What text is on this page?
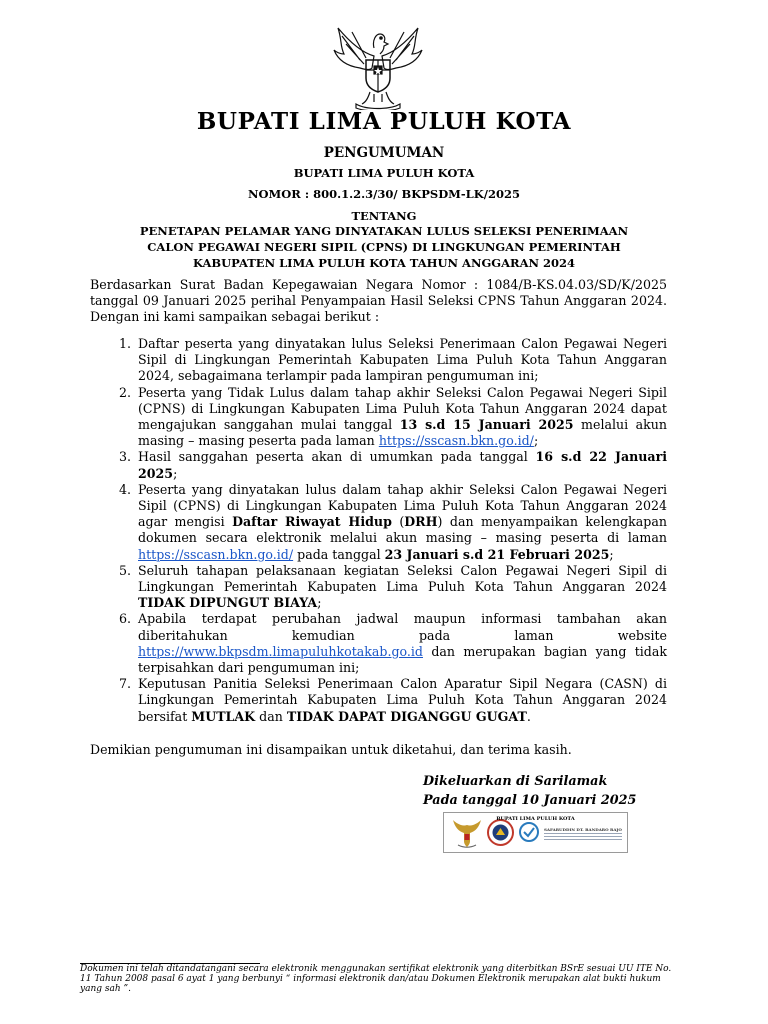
BUPATI LIMA PULUH KOTA
PENGUMUMAN
BUPATI LIMA PULUH KOTA
NOMOR : 800.1.2.3/30/ BKPSDM-LK/2025
TENTANG
PENETAPAN PELAMAR YANG DINYATAKAN LULUS SELEKSI PENERIMAAN
CALON PEGAWAI NEGERI SIPIL (CPNS) DI LINGKUNGAN PEMERINTAH
KABUPATEN LIMA PULUH KOTA TAHUN ANGGARAN 2024
Berdasarkan Surat Badan Kepegawaian Negara Nomor : 1084/B-KS.04.03/SD/K/2025 tanggal 09 Januari 2025 perihal Penyampaian Hasil Seleksi CPNS Tahun Anggaran 2024. Dengan ini kami sampaikan sebagai berikut :
1. Daftar peserta yang dinyatakan lulus Seleksi Penerimaan Calon Pegawai Negeri Sipil di Lingkungan Pemerintah Kabupaten Lima Puluh Kota Tahun Anggaran 2024, sebagaimana terlampir pada lampiran pengumuman ini;
2. Peserta yang Tidak Lulus dalam tahap akhir Seleksi Calon Pegawai Negeri Sipil (CPNS) di Lingkungan Kabupaten Lima Puluh Kota Tahun Anggaran 2024 dapat mengajukan sanggahan mulai tanggal 13 s.d 15 Januari 2025 melalui akun masing – masing peserta pada laman https://sscasn.bkn.go.id/;
3. Hasil sanggahan peserta akan di umumkan pada tanggal 16 s.d 22 Januari 2025;
4. Peserta yang dinyatakan lulus dalam tahap akhir Seleksi Calon Pegawai Negeri Sipil (CPNS) di Lingkungan Kabupaten Lima Puluh Kota Tahun Anggaran 2024 agar mengisi Daftar Riwayat Hidup (DRH) dan menyampaikan kelengkapan dokumen secara elektronik melalui akun masing – masing peserta di laman https://sscasn.bkn.go.id/ pada tanggal 23 Januari s.d 21 Februari 2025;
5. Seluruh tahapan pelaksanaan kegiatan Seleksi Calon Pegawai Negeri Sipil di Lingkungan Pemerintah Kabupaten Lima Puluh Kota Tahun Anggaran 2024 TIDAK DIPUNGUT BIAYA;
6. Apabila terdapat perubahan jadwal maupun informasi tambahan akan diberitahukan kemudian pada laman website https://www.bkpsdm.limapuluhkotakab.go.id dan merupakan bagian yang tidak terpisahkan dari pengumuman ini;
7. Keputusan Panitia Seleksi Penerimaan Calon Aparatur Sipil Negara (CASN) di Lingkungan Pemerintah Kabupaten Lima Puluh Kota Tahun Anggaran 2024 bersifat MUTLAK dan TIDAK DAPAT DIGANGGU GUGAT.
Demikian pengumuman ini disampaikan untuk diketahui, dan terima kasih.
Dikeluarkan di Sarilamak
Pada tanggal 10 Januari 2025
BUPATI LIMA PULUH KOTA
SAFARUDDIN DT. BANDARO RAJO
Dokumen ini telah ditandatangani secara elektronik menggunakan sertifikat elektronik yang diterbitkan BSrE sesuai UU ITE No. 11 Tahun 2008 pasal 6 ayat 1 yang berbunyi “ informasi elektronik dan/atau Dokumen Elektronik merupakan alat bukti hukum yang sah ”.
